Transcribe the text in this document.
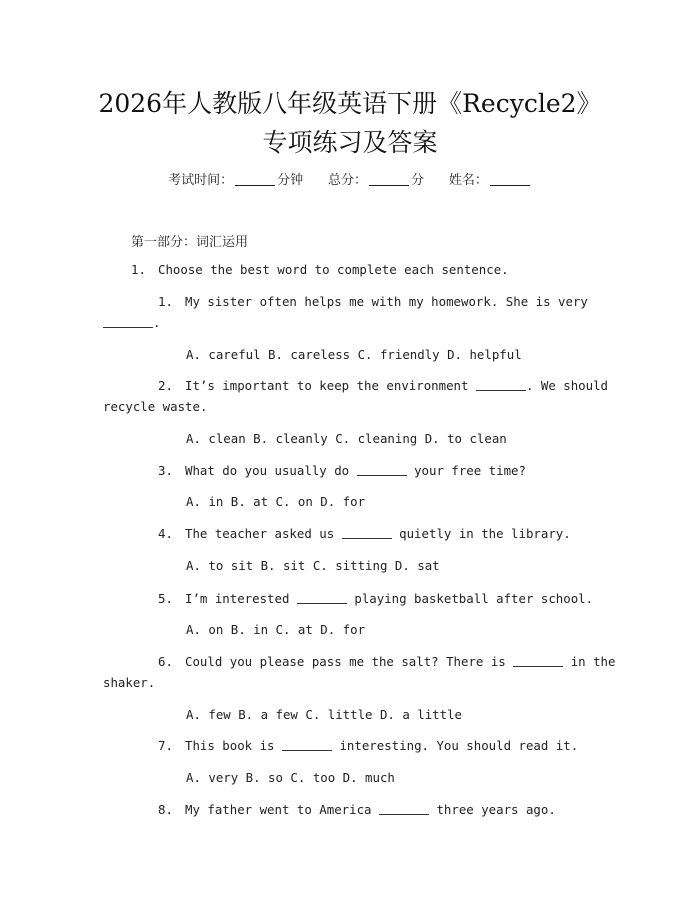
2026年人教版八年级英语下册《Recycle2》
专项练习及答案
考试时间：	分钟 总分：	分 姓名：
第一部分：词汇运用
1. Choose the best word to complete each sentence.
1. My sister often helps me with my homework. She is very
.
A. careful B. careless C. friendly D. helpful
2. It’s important to keep the environment	. We should
recycle waste.
A. clean B. cleanly C. cleaning D. to clean
3. What do you usually do	your free time?
A. in B. at C. on D. for
4. The teacher asked us	quietly in the library.
A. to sit B. sit C. sitting D. sat
5. I’m interested	playing basketball after school.
A. on B. in C. at D. for
6. Could you please pass me the salt? There is	in the
shaker.
A. few B. a few C. little D. a little
7. This book is	interesting. You should read it.
A. very B. so C. too D. much
8. My father went to America	three years ago.
